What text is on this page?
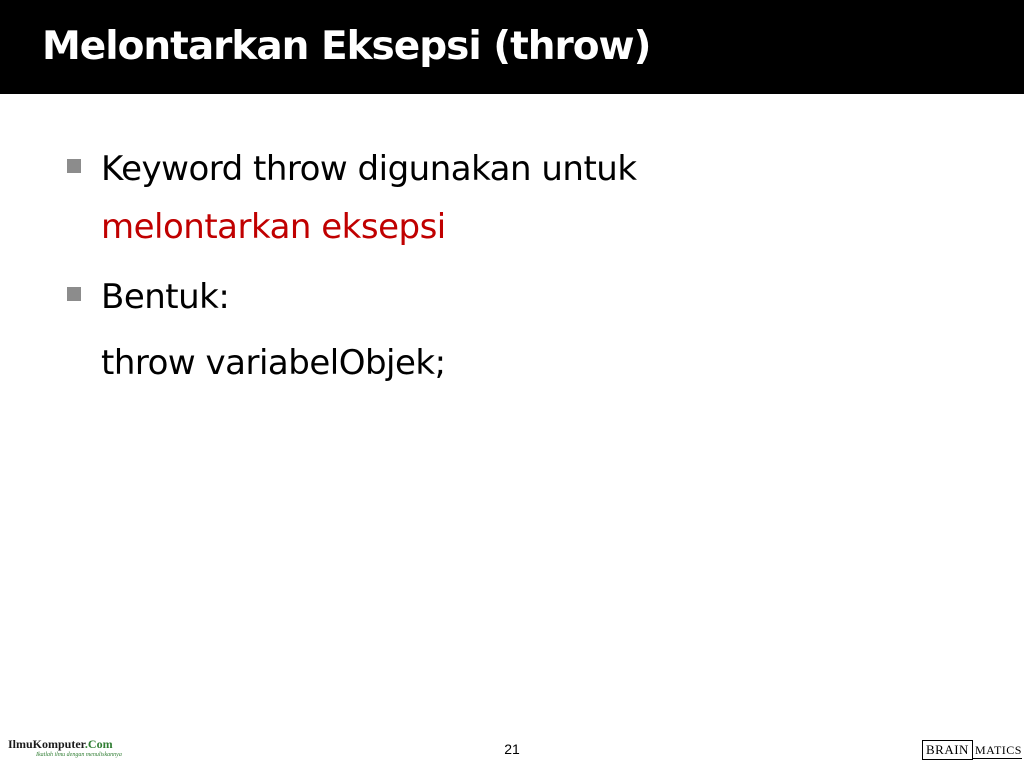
Melontarkan Eksepsi (throw)
Keyword throw digunakan untuk
melontarkan eksepsi
Bentuk:
throw variabelObjek;
IlmuKomputer.Com
Ikatlah ilmu dengan menuliskannya	21	BRAIN MATICS
